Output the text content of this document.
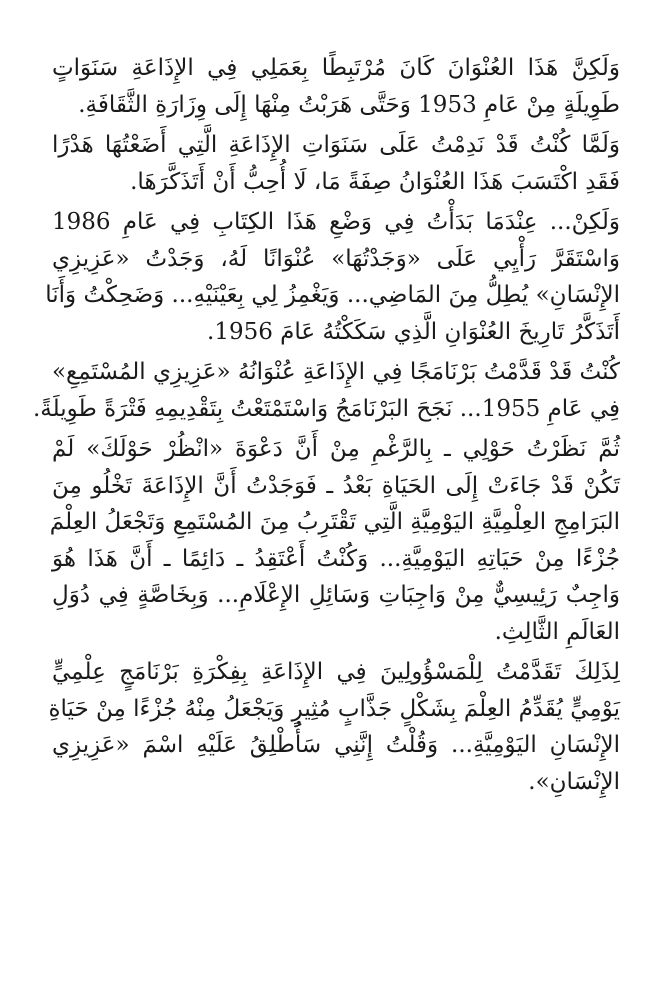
وَلَكِنَّ هَذَا العُنْوَانَ كَانَ مُرْتَبِطًا بِعَمَلِي فِي الإِذَاعَةِ سَنَوَاتٍ
طَوِيلَةٍ مِنْ عَامِ 1953 وَحَتَّى هَرَبْتُ مِنْهَا إِلَى وِزَارَةِ الثَّقَافَةِ.
وَلَمَّا كُنْتُ قَدْ نَدِمْتُ عَلَى سَنَوَاتِ الإِذَاعَةِ الَّتِي أَضَعْتُهَا هَدْرًا
فَقَدِ اكْتَسَبَ هَذَا العُنْوَانُ صِفَةً مَا، لَا أُحِبُّ أَنْ أَتَذَكَّرَهَا.
وَلَكِنْ... عِنْدَمَا بَدَأْتُ فِي وَضْعِ هَذَا الكِتَابِ فِي عَامِ 1986
وَاسْتَقَرَّ رَأْيِي عَلَى «وَجَدْتُهَا» عُنْوَانًا لَهُ، وَجَدْتُ «عَزِيزِي
الإِنْسَانِ» يُطِلُّ مِنَ المَاضِي... وَيَغْمِزُ لِي بِعَيْنَيْهِ... وَضَحِكْتُ وَأَنَا
أَتَذَكَّرُ تَارِيخَ العُنْوَانِ الَّذِي سَكَكْتُهُ عَامَ 1956.
كُنْتُ قَدْ قَدَّمْتُ بَرْنَامَجًا فِي الإِذَاعَةِ عُنْوَانُهُ «عَزِيزِي المُسْتَمِعِ»
فِي عَامِ 1955... نَجَحَ البَرْنَامَجُ وَاسْتَمْتَعْتُ بِتَقْدِيمِهِ فَتْرَةً طَوِيلَةً.
ثُمَّ نَظَرْتُ حَوْلِي ـ بِالرَّغْمِ مِنْ أَنَّ دَعْوَةَ «انْظُرْ حَوْلَكَ» لَمْ
تَكُنْ قَدْ جَاءَتْ إِلَى الحَيَاةِ بَعْدُ ـ فَوَجَدْتُ أَنَّ الإِذَاعَةَ تَخْلُو مِنَ
البَرَامِجِ العِلْمِيَّةِ اليَوْمِيَّةِ الَّتِي تَقْتَرِبُ مِنَ المُسْتَمِعِ وَتَجْعَلُ العِلْمَ
جُزْءًا مِنْ حَيَاتِهِ اليَوْمِيَّةِ... وَكُنْتُ أَعْتَقِدُ ـ دَائِمًا ـ أَنَّ هَذَا هُوَ
وَاجِبٌ رَئِيسِيٌّ مِنْ وَاجِبَاتِ وَسَائِلِ الإِعْلَامِ... وَبِخَاصَّةٍ فِي دُوَلِ
العَالَمِ الثَّالِثِ.
لِذَلِكَ تَقَدَّمْتُ لِلْمَسْؤُولِينَ فِي الإِذَاعَةِ بِفِكْرَةِ بَرْنَامَجٍ عِلْمِيٍّ
يَوْمِيٍّ يُقَدِّمُ العِلْمَ بِشَكْلٍ جَذَّابٍ مُثِيرٍ وَيَجْعَلُ مِنْهُ جُزْءًا مِنْ حَيَاةِ
الإِنْسَانِ اليَوْمِيَّةِ... وَقُلْتُ إِنَّنِي سَأُطْلِقُ عَلَيْهِ اسْمَ «عَزِيزِي
الإِنْسَانِ».
